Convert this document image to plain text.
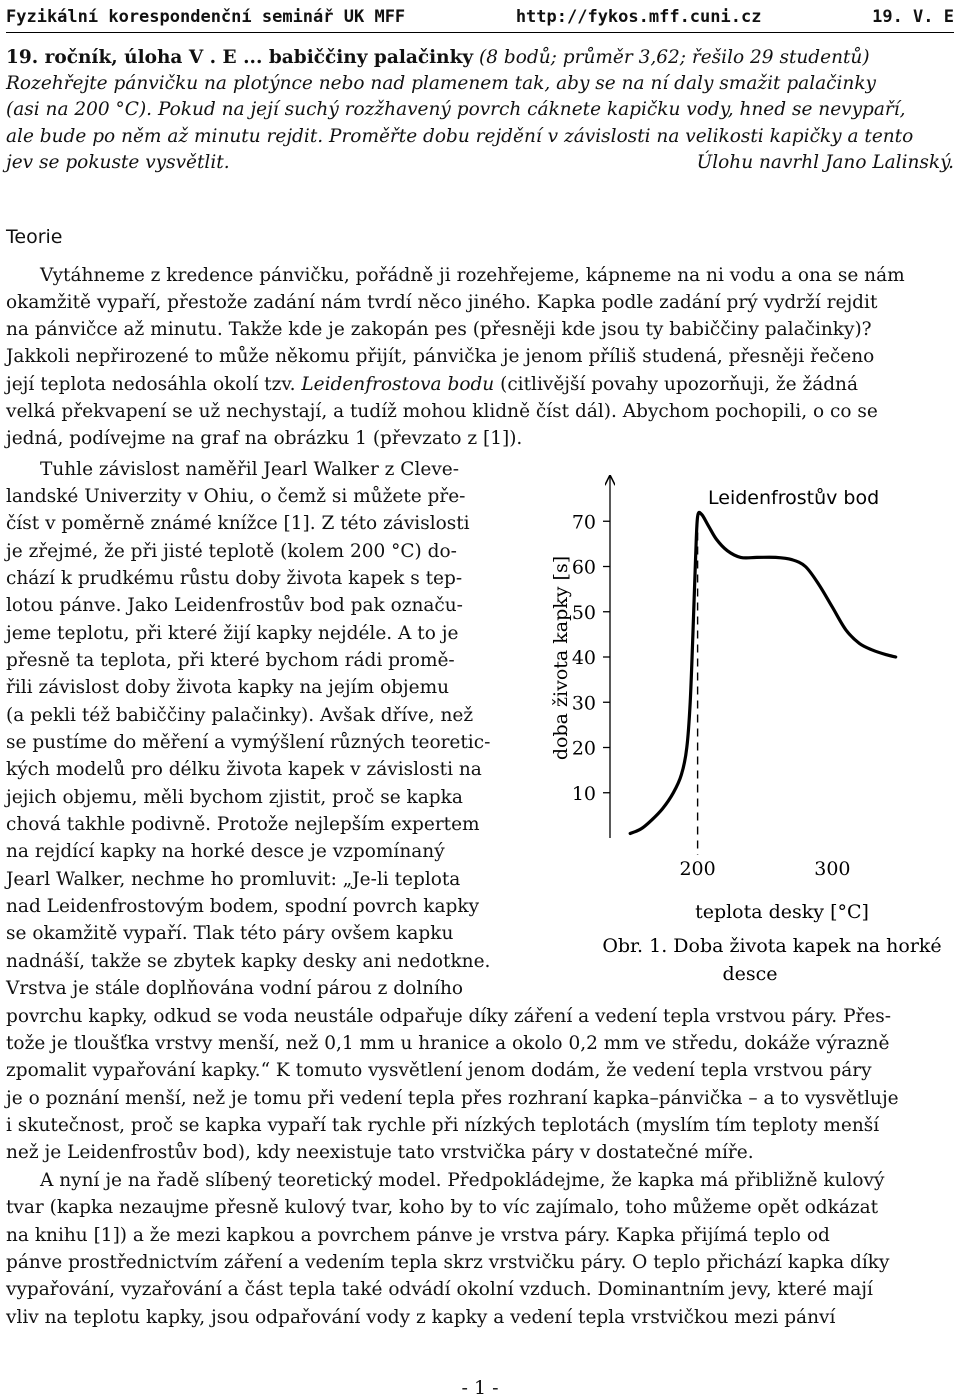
Fyzikální korespondenční seminář UK MFF	http://fykos.mff.cuni.cz	19. V. E
19. ročník, úloha V . E ... babiččiny palačinky (8 bodů; průměr 3,62; řešilo 29 studentů)
Rozehřejte pánvičku na plotýnce nebo nad plamenem tak, aby se na ní daly smažit palačinky
(asi na 200 °C). Pokud na její suchý rozžhavený povrch cáknete kapičku vody, hned se nevypaří,
ale bude po něm až minutu rejdit. Proměřte dobu rejdění v závislosti na velikosti kapičky a tento
jev se pokuste vysvětlit.	Úlohu navrhl Jano Lalinský.
Teorie
Vytáhneme z kredence pánvičku, pořádně ji rozehřejeme, kápneme na ni vodu a ona se nám
okamžitě vypaří, přestože zadání nám tvrdí něco jiného. Kapka podle zadání prý vydrží rejdit
na pánvičce až minutu. Takže kde je zakopán pes (přesněji kde jsou ty babiččiny palačinky)?
Jakkoli nepřirozené to může někomu přijít, pánvička je jenom příliš studená, přesněji řečeno
její teplota nedosáhla okolí tzv. Leidenfrostova bodu (citlivější povahy upozorňuji, že žádná
velká překvapení se už nechystají, a tudíž mohou klidně číst dál). Abychom pochopili, o co se
jedná, podívejme na graf na obrázku 1 (převzato z [1]).
Tuhle závislost naměřil Jearl Walker z Cleve-
landské Univerzity v Ohiu, o čemž si můžete pře-
číst v poměrně známé knížce [1]. Z této závislosti
je zřejmé, že při jisté teplotě (kolem 200 °C) do-
chází k prudkému růstu doby života kapek s tep-
lotou pánve. Jako Leidenfrostův bod pak označu-
jeme teplotu, při které žijí kapky nejdéle. A to je
přesně ta teplota, při které bychom rádi promě-
řili závislost doby života kapky na jejím objemu
(a pekli též babiččiny palačinky). Avšak dříve, než
se pustíme do měření a vymýšlení různých teoretic-
kých modelů pro délku života kapek v závislosti na
jejich objemu, měli bychom zjistit, proč se kapka
chová takhle podivně. Protože nejlepším expertem
na rejdící kapky na horké desce je vzpomínaný
Jearl Walker, nechme ho promluvit: „Je-li teplota
nad Leidenfrostovým bodem, spodní povrch kapky
se okamžitě vypaří. Tlak této páry ovšem kapku
nadnáší, takže se zbytek kapky desky ani nedotkne.
Vrstva je stále doplňována vodní párou z dolního
povrchu kapky, odkud se voda neustále odpařuje díky záření a vedení tepla vrstvou páry. Přes-
tože je tloušťka vrstvy menší, než 0,1 mm u hranice a okolo 0,2 mm ve středu, dokáže výrazně
zpomalit vypařování kapky.“ K tomuto vysvětlení jenom dodám, že vedení tepla vrstvou páry
je o poznání menší, než je tomu při vedení tepla přes rozhraní kapka–pánvička – a to vysvětluje
i skutečnost, proč se kapka vypaří tak rychle při nízkých teplotách (myslím tím teploty menší
než je Leidenfrostův bod), kdy neexistuje tato vrstvička páry v dostatečné míře.
A nyní je na řadě slíbený teoretický model. Předpokládejme, že kapka má přibližně kulový
tvar (kapka nezaujme přesně kulový tvar, koho by to víc zajímalo, toho můžeme opět odkázat
na knihu [1]) a že mezi kapkou a povrchem pánve je vrstva páry. Kapka přijímá teplo od
pánve prostřednictvím záření a vedením tepla skrz vrstvičku páry. O teplo přichází kapka díky
vypařování, vyzařování a část tepla také odvádí okolní vzduch. Dominantním jevy, které mají
vliv na teplotu kapky, jsou odpařování vody z kapky a vedení tepla vrstvičkou mezi pánví
- 1 -
10
20
30
40
50
60
70
200	300
Leidenfrostův bod
doba života kapky [s]
teplota desky [°C]
Obr. 1. Doba života kapek na horké
desce
